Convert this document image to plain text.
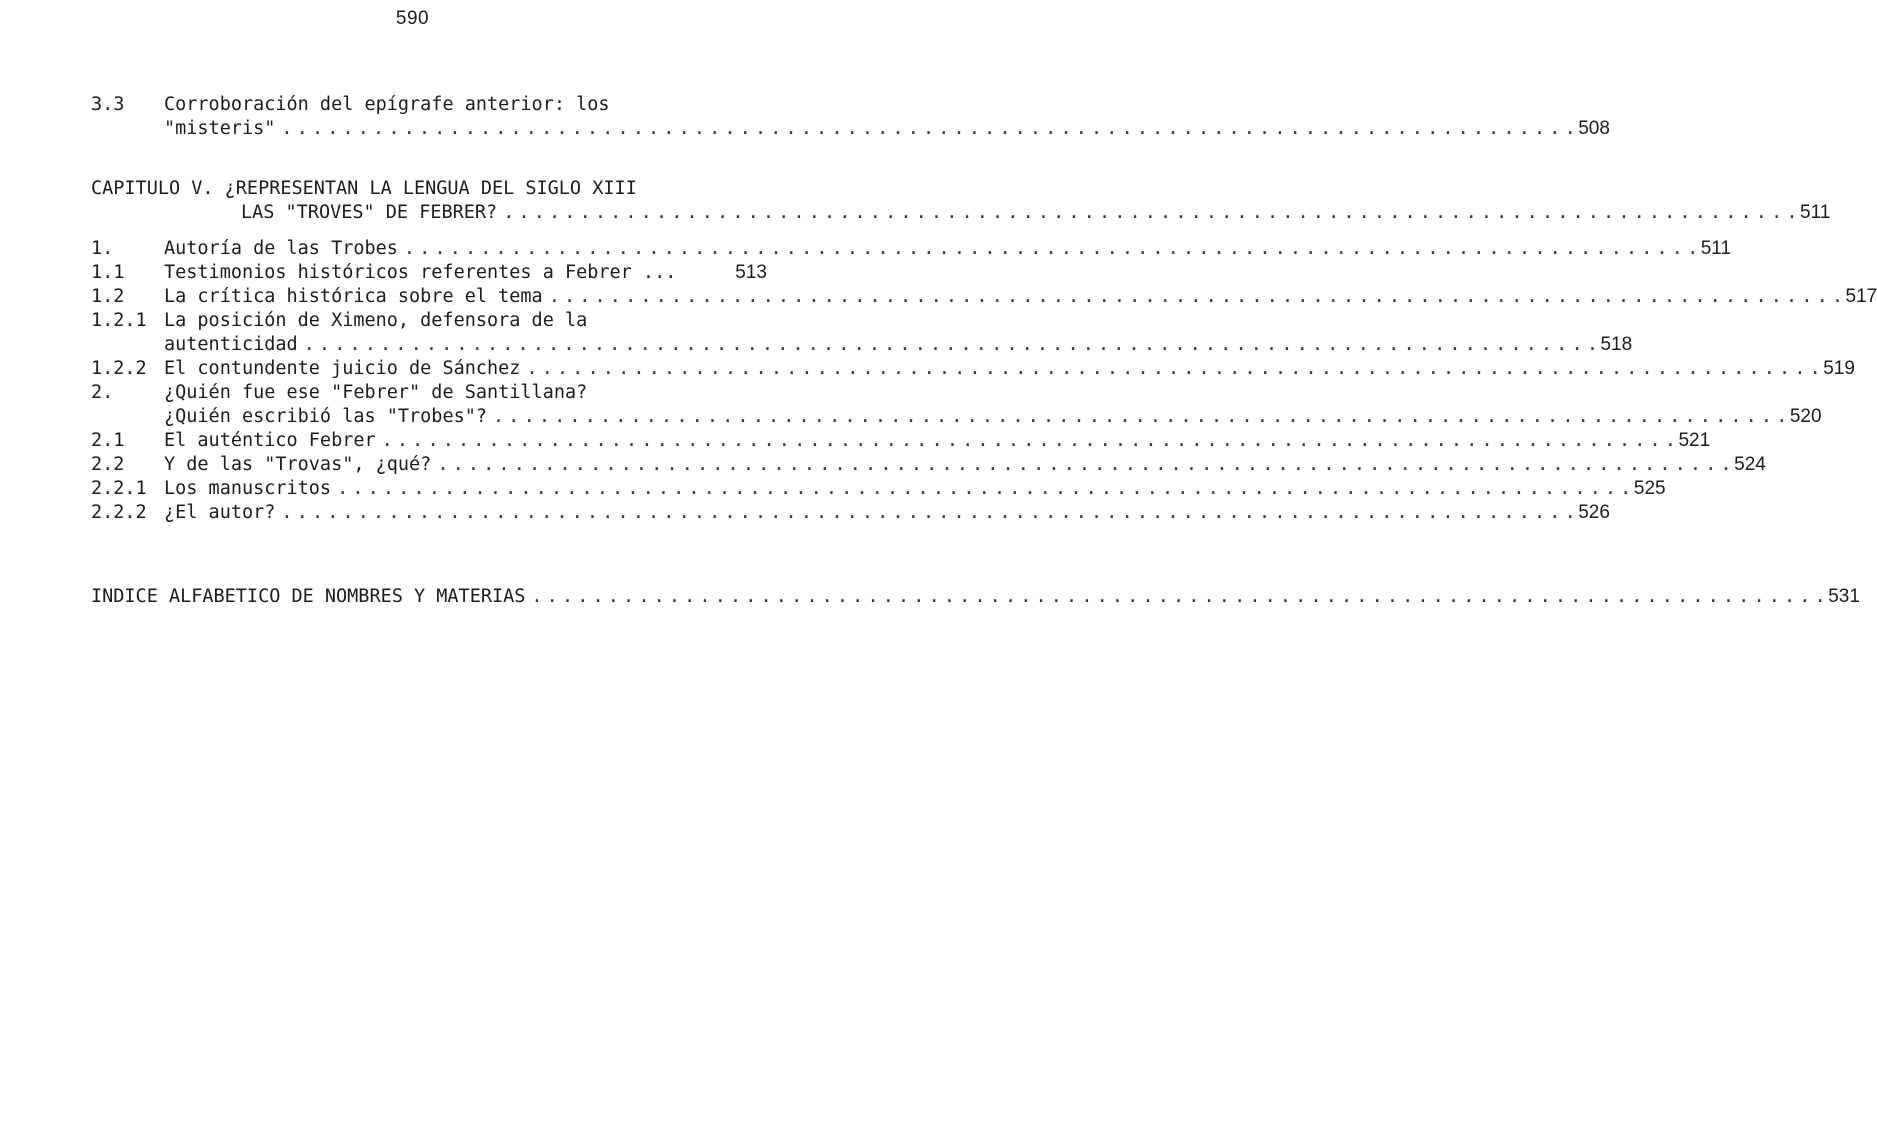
590
3.3	Corroboración del epígrafe anterior: los
"misteris" . . .	508
CAPITULO V. ¿REPRESENTAN LA LENGUA DEL SIGLO XIII
LAS "TROVES" DE FEBRER? . . .	511
1.	Autoría de las Trobes . . .	511
1.1	Testimonios históricos referentes a Febrer ...	513
1.2	La crítica histórica sobre el tema . . .	517
1.2.1 La posición de Ximeno, defensora de la
autenticidad . . .	518
1.2.2 El contundente juicio de Sánchez . . .	519
2.	¿Quién fue ese "Febrer" de Santillana?
¿Quién escribió las "Trobes"? . . .	520
2.1	El auténtico Febrer . . .	521
2.2	Y de las "Trovas", ¿qué? . . .	524
2.2.1 Los manuscritos . . .	525
2.2.2 ¿El autor? . . .	526
INDICE ALFABETICO DE NOMBRES Y MATERIAS . . .	531
